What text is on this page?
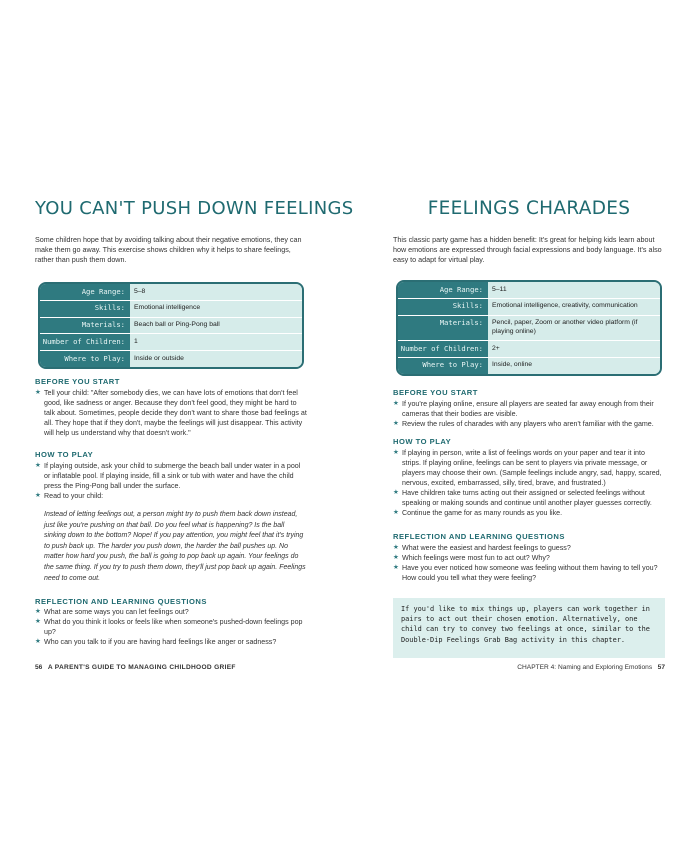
YOU CAN'T PUSH DOWN FEELINGS

Some children hope that by avoiding talking about their negative emotions, they can make them go away. This exercise shows children why it helps to share feelings, rather than push them down.

Age Range:	5–8
Skills:	Emotional intelligence
Materials:	Beach ball or Ping-Pong ball
Number of Children:	1
Where to Play:	Inside or outside
BEFORE YOU START
★ Tell your child: "After somebody dies, we can have lots of emotions that don't feel good, like sadness or anger. Because they don't feel good, they might be hard to talk about. Sometimes, people decide they don't want to share those bad feelings at all. They hope that if they don't, maybe the feelings will just disappear. This activity will help us understand why that doesn't work."
HOW TO PLAY
★ If playing outside, ask your child to submerge the beach ball under water in a pool or inflatable pool. If playing inside, fill a sink or tub with water and have the child press the Ping-Pong ball under the surface.
★ Read to your child:

Instead of letting feelings out, a person might try to push them back down instead, just like you're pushing on that ball. Do you feel what is happening? Is the ball sinking down to the bottom? Nope! If you pay attention, you might feel that it's trying to push back up. The harder you push down, the harder the ball pushes up. No matter how hard you push, the ball is going to pop back up again. Your feelings do the same thing. If you try to push them down, they'll just pop back up again. Feelings need to come out.

REFLECTION AND LEARNING QUESTIONS
★ What are some ways you can let feelings out?
★ What do you think it looks or feels like when someone's pushed-down feelings pop up?
★ Who can you talk to if you are having hard feelings like anger or sadness?
56 A PARENT'S GUIDE TO MANAGING CHILDHOOD GRIEF
FEELINGS CHARADES

This classic party game has a hidden benefit: It's great for helping kids learn about how emotions are expressed through facial expressions and body language. It's also easy to adapt for virtual play.

Age Range:	5–11
Skills:	Emotional intelligence, creativity, communication
Materials:	Pencil, paper, Zoom or another video platform (if playing online)
Number of Children:	2+
Where to Play:	Inside, online
BEFORE YOU START
★ If you're playing online, ensure all players are seated far away enough from their cameras that their bodies are visible.
★ Review the rules of charades with any players who aren't familiar with the game.
HOW TO PLAY
★ If playing in person, write a list of feelings words on your paper and tear it into strips. If playing online, feelings can be sent to players via private message, or players may choose their own. (Sample feelings include angry, sad, happy, scared, nervous, excited, embarrassed, silly, tired, brave, and frustrated.)
★ Have children take turns acting out their assigned or selected feelings without speaking or making sounds and continue until another player guesses correctly.
★ Continue the game for as many rounds as you like.
REFLECTION AND LEARNING QUESTIONS
★ What were the easiest and hardest feelings to guess?
★ Which feelings were most fun to act out? Why?
★ Have you ever noticed how someone was feeling without them having to tell you? How could you tell what they were feeling?
If you'd like to mix things up, players can work together in pairs to act out their chosen emotion. Alternatively, one child can try to convey two feelings at once, similar to the Double-Dip Feelings Grab Bag activity in this chapter.
CHAPTER 4: Naming and Exploring Emotions 57
